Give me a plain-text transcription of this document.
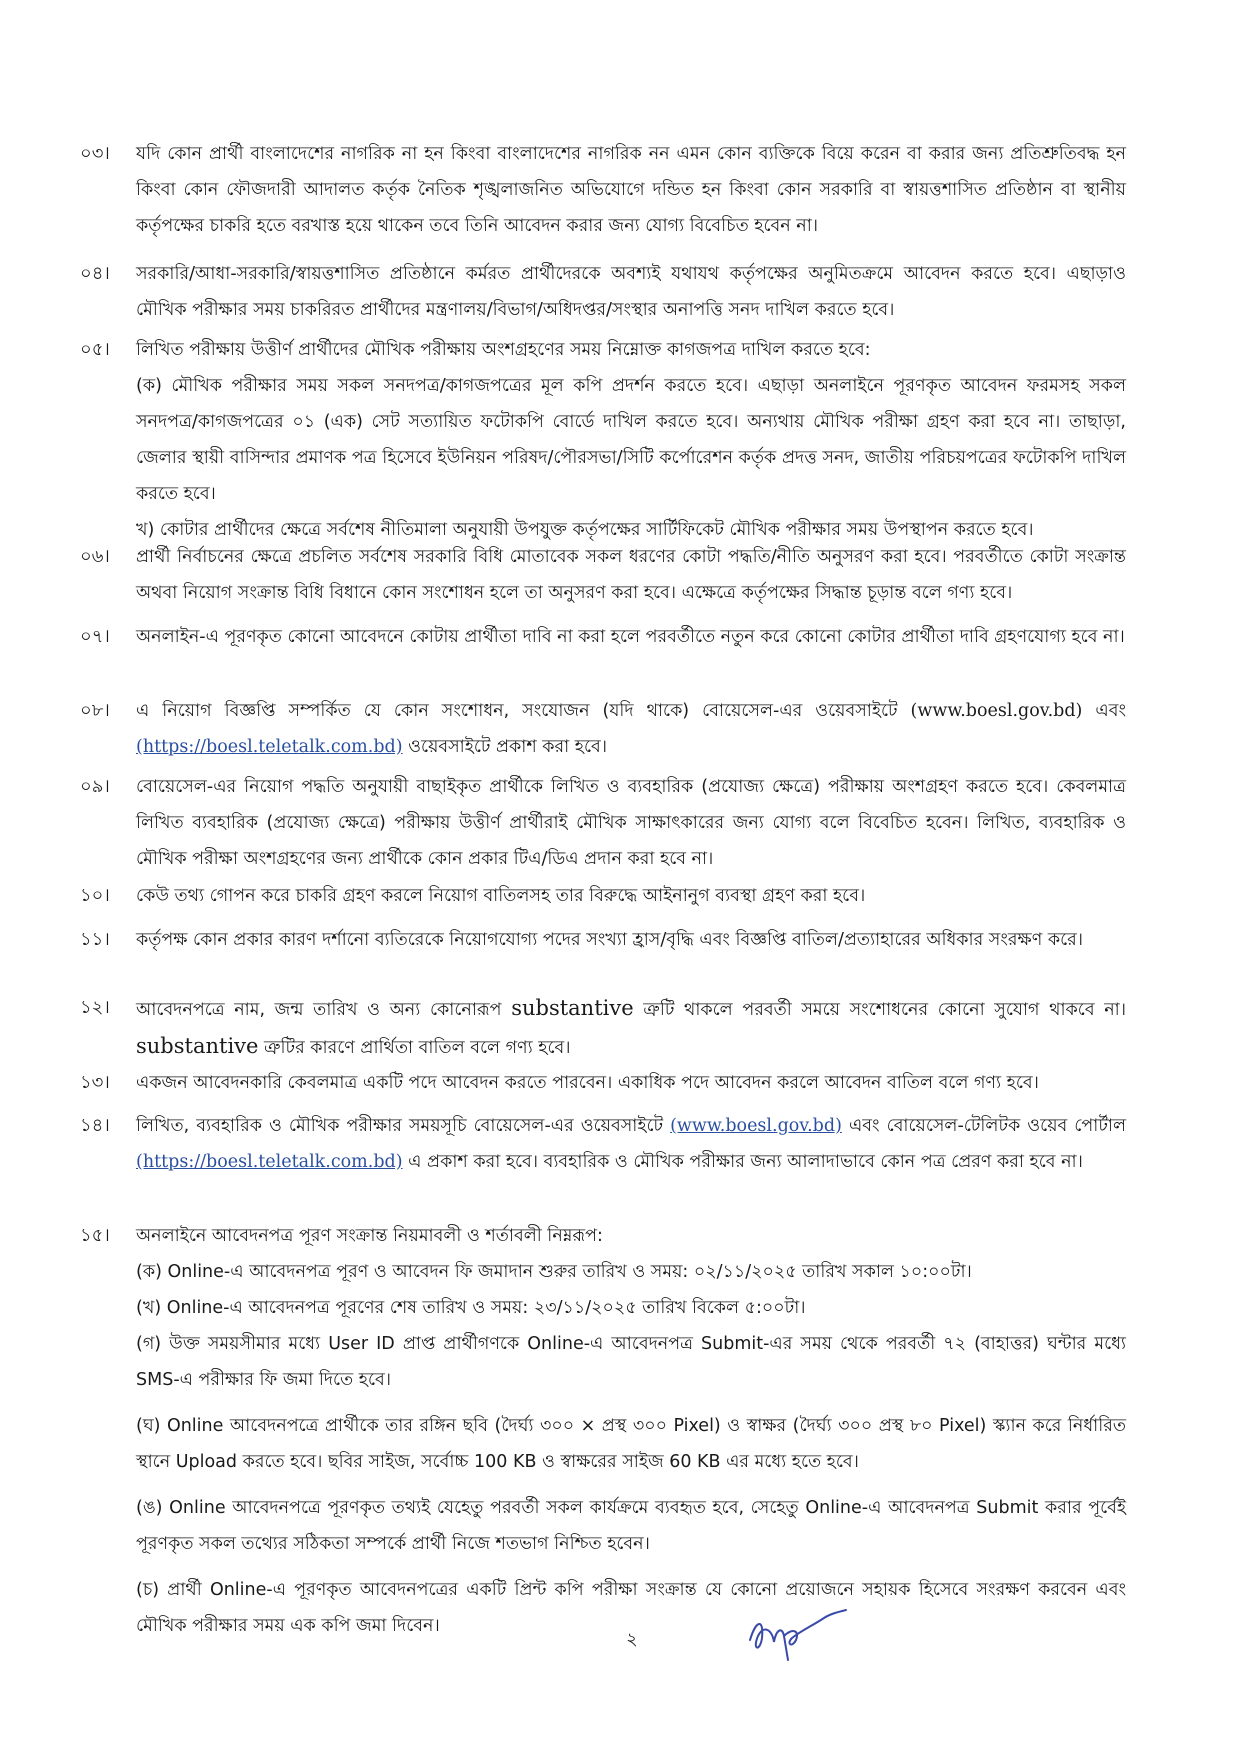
০৩।	যদি কোন প্রার্থী বাংলাদেশের নাগরিক না হন কিংবা বাংলাদেশের নাগরিক নন এমন কোন ব্যক্তিকে বিয়ে করেন বা করার জন্য প্রতিশ্রুতিবদ্ধ হন কিংবা কোন ফৌজদারী আদালত কর্তৃক নৈতিক শৃঙ্খলাজনিত অভিযোগে দন্ডিত হন কিংবা কোন সরকারি বা স্বায়ত্তশাসিত প্রতিষ্ঠান বা স্থানীয় কর্তৃপক্ষের চাকরি হতে বরখাস্ত হয়ে থাকেন তবে তিনি আবেদন করার জন্য যোগ্য বিবেচিত হবেন না।

০৪।	সরকারি/আধা-সরকারি/স্বায়ত্তশাসিত প্রতিষ্ঠানে কর্মরত প্রার্থীদেরকে অবশ্যই যথাযথ কর্তৃপক্ষের অনুমিতক্রমে আবেদন করতে হবে। এছাড়াও মৌখিক পরীক্ষার সময় চাকরিরত প্রার্থীদের মন্ত্রণালয়/বিভাগ/অধিদপ্তর/সংস্থার অনাপত্তি সনদ দাখিল করতে হবে।

০৫।	লিখিত পরীক্ষায় উত্তীর্ণ প্রার্থীদের মৌখিক পরীক্ষায় অংশগ্রহণের সময় নিম্নোক্ত কাগজপত্র দাখিল করতে হবে:

(ক) মৌখিক পরীক্ষার সময় সকল সনদপত্র/কাগজপত্রের মূল কপি প্রদর্শন করতে হবে। এছাড়া অনলাইনে পূরণকৃত আবেদন ফরমসহ সকল সনদপত্র/কাগজপত্রের ০১ (এক) সেট সত্যায়িত ফটোকপি বোর্ডে দাখিল করতে হবে। অন্যথায় মৌখিক পরীক্ষা গ্রহণ করা হবে না। তাছাড়া, জেলার স্থায়ী বাসিন্দার প্রমাণক পত্র হিসেবে ইউনিয়ন পরিষদ/পৌরসভা/সিটি কর্পোরেশন কর্তৃক প্রদত্ত সনদ, জাতীয় পরিচয়পত্রের ফটোকপি দাখিল করতে হবে।

খ) কোটার প্রার্থীদের ক্ষেত্রে সর্বশেষ নীতিমালা অনুযায়ী উপযুক্ত কর্তৃপক্ষের সার্টিফিকেট মৌখিক পরীক্ষার সময় উপস্থাপন করতে হবে।

০৬।	প্রার্থী নির্বাচনের ক্ষেত্রে প্রচলিত সর্বশেষ সরকারি বিধি মোতাবেক সকল ধরণের কোটা পদ্ধতি/নীতি অনুসরণ করা হবে। পরবর্তীতে কোটা সংক্রান্ত অথবা নিয়োগ সংক্রান্ত বিধি বিধানে কোন সংশোধন হলে তা অনুসরণ করা হবে। এক্ষেত্রে কর্তৃপক্ষের সিদ্ধান্ত চূড়ান্ত বলে গণ্য হবে।

০৭।	অনলাইন-এ পূরণকৃত কোনো আবেদনে কোটায় প্রার্থীতা দাবি না করা হলে পরবর্তীতে নতুন করে কোনো কোটার প্রার্থীতা দাবি গ্রহণযোগ্য হবে না।

০৮।	এ নিয়োগ বিজ্ঞপ্তি সম্পর্কিত যে কোন সংশোধন, সংযোজন (যদি থাকে) বোয়েসেল-এর ওয়েবসাইটে (www.boesl.gov.bd) এবং (https://boesl.teletalk.com.bd) ওয়েবসাইটে প্রকাশ করা হবে।

০৯।	বোয়েসেল-এর নিয়োগ পদ্ধতি অনুযায়ী বাছাইকৃত প্রার্থীকে লিখিত ও ব্যবহারিক (প্রযোজ্য ক্ষেত্রে) পরীক্ষায় অংশগ্রহণ করতে হবে। কেবলমাত্র লিখিত ব্যবহারিক (প্রযোজ্য ক্ষেত্রে) পরীক্ষায় উত্তীর্ণ প্রার্থীরাই মৌখিক সাক্ষাৎকারের জন্য যোগ্য বলে বিবেচিত হবেন। লিখিত, ব্যবহারিক ও মৌখিক পরীক্ষা অংশগ্রহণের জন্য প্রার্থীকে কোন প্রকার টিএ/ডিএ প্রদান করা হবে না।

১০।	কেউ তথ্য গোপন করে চাকরি গ্রহণ করলে নিয়োগ বাতিলসহ তার বিরুদ্ধে আইনানুগ ব্যবস্থা গ্রহণ করা হবে।

১১।	কর্তৃপক্ষ কোন প্রকার কারণ দর্শানো ব্যতিরেকে নিয়োগযোগ্য পদের সংখ্যা হ্রাস/বৃদ্ধি এবং বিজ্ঞপ্তি বাতিল/প্রত্যাহারের অধিকার সংরক্ষণ করে।

১২।	আবেদনপত্রে নাম, জন্ম তারিখ ও অন্য কোনোরূপ substantive ত্রুটি থাকলে পরবর্তী সময়ে সংশোধনের কোনো সুযোগ থাকবে না। substantive ত্রুটির কারণে প্রার্থিতা বাতিল বলে গণ্য হবে।

১৩।	একজন আবেদনকারি কেবলমাত্র একটি পদে আবেদন করতে পারবেন। একাধিক পদে আবেদন করলে আবেদন বাতিল বলে গণ্য হবে।

১৪।	লিখিত, ব্যবহারিক ও মৌখিক পরীক্ষার সময়সূচি বোয়েসেল-এর ওয়েবসাইটে (www.boesl.gov.bd) এবং বোয়েসেল-টেলিটক ওয়েব পোর্টাল (https://boesl.teletalk.com.bd) এ প্রকাশ করা হবে। ব্যবহারিক ও মৌখিক পরীক্ষার জন্য আলাদাভাবে কোন পত্র প্রেরণ করা হবে না।

১৫।	অনলাইনে আবেদনপত্র পূরণ সংক্রান্ত নিয়মাবলী ও শর্তাবলী নিম্নরূপ:

(ক) Online-এ আবেদনপত্র পূরণ ও আবেদন ফি জমাদান শুরুর তারিখ ও সময়: ০২/১১/২০২৫ তারিখ সকাল ১০:০০টা।

(খ) Online-এ আবেদনপত্র পূরণের শেষ তারিখ ও সময়: ২৩/১১/২০২৫ তারিখ বিকেল ৫:০০টা।

(গ) উক্ত সময়সীমার মধ্যে User ID প্রাপ্ত প্রার্থীগণকে Online-এ আবেদনপত্র Submit-এর সময় থেকে পরবর্তী ৭২ (বাহাত্তর) ঘন্টার মধ্যে SMS-এ পরীক্ষার ফি জমা দিতে হবে।

(ঘ) Online আবেদনপত্রে প্রার্থীকে তার রঙ্গিন ছবি (দৈর্ঘ্য ৩০০ × প্রস্থ ৩০০ Pixel) ও স্বাক্ষর (দৈর্ঘ্য ৩০০ প্রস্থ ৮০ Pixel) স্ক্যান করে নির্ধারিত স্থানে Upload করতে হবে। ছবির সাইজ, সর্বোচ্চ 100 KB ও স্বাক্ষরের সাইজ 60 KB এর মধ্যে হতে হবে।

(ঙ) Online আবেদনপত্রে পূরণকৃত তথ্যই যেহেতু পরবর্তী সকল কার্যক্রমে ব্যবহৃত হবে, সেহেতু Online-এ আবেদনপত্র Submit করার পূর্বেই পূরণকৃত সকল তথ্যের সঠিকতা সম্পর্কে প্রার্থী নিজে শতভাগ নিশ্চিত হবেন।

(চ) প্রার্থী Online-এ পূরণকৃত আবেদনপত্রের একটি প্রিন্ট কপি পরীক্ষা সংক্রান্ত যে কোনো প্রয়োজনে সহায়ক হিসেবে সংরক্ষণ করবেন এবং মৌখিক পরীক্ষার সময় এক কপি জমা দিবেন।

২
